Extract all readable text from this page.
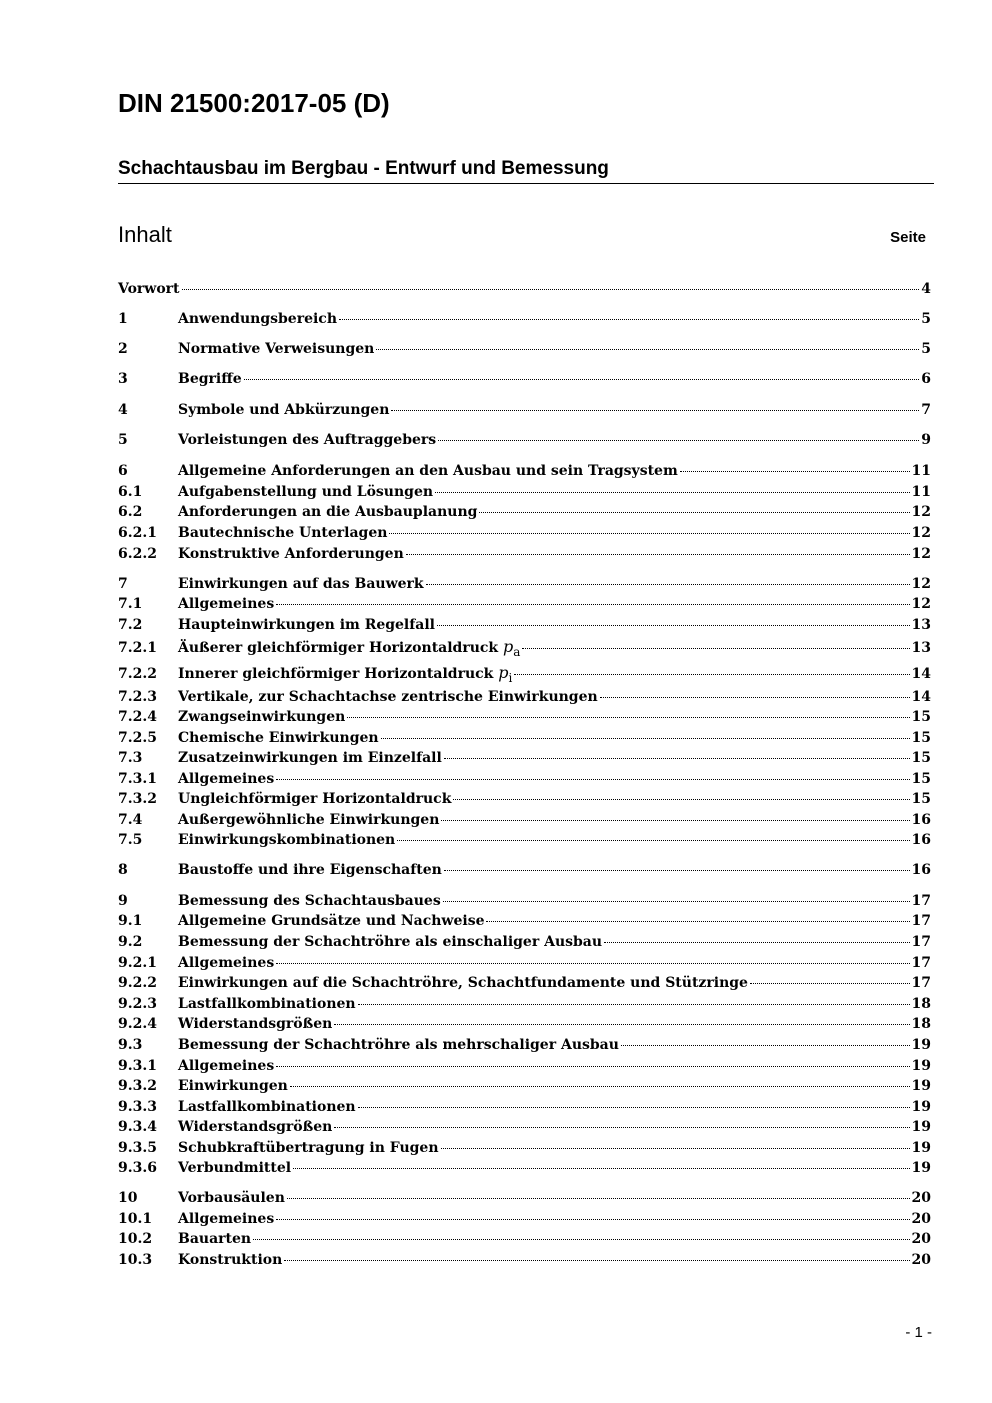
DIN 21500:2017-05 (D)
Schachtausbau im Bergbau - Entwurf und Bemessung
Inhalt	Seite
Vorwort	4
1	Anwendungsbereich	5
2	Normative Verweisungen	5
3	Begriffe	6
4	Symbole und Abkürzungen	7
5	Vorleistungen des Auftraggebers	9
6	Allgemeine Anforderungen an den Ausbau und sein Tragsystem	11
6.1	Aufgabenstellung und Lösungen	11
6.2	Anforderungen an die Ausbauplanung	12
6.2.1	Bautechnische Unterlagen	12
6.2.2	Konstruktive Anforderungen	12
7	Einwirkungen auf das Bauwerk	12
7.1	Allgemeines	12
7.2	Haupteinwirkungen im Regelfall	13
7.2.1	Äußerer gleichförmiger Horizontaldruck $p_a$	13
7.2.2	Innerer gleichförmiger Horizontaldruck $p_i$	14
7.2.3	Vertikale, zur Schachtachse zentrische Einwirkungen	14
7.2.4	Zwangseinwirkungen	15
7.2.5	Chemische Einwirkungen	15
7.3	Zusatzeinwirkungen im Einzelfall	15
7.3.1	Allgemeines	15
7.3.2	Ungleichförmiger Horizontaldruck	15
7.4	Außergewöhnliche Einwirkungen	16
7.5	Einwirkungskombinationen	16
8	Baustoffe und ihre Eigenschaften	16
9	Bemessung des Schachtausbaues	17
9.1	Allgemeine Grundsätze und Nachweise	17
9.2	Bemessung der Schachtröhre als einschaliger Ausbau	17
9.2.1	Allgemeines	17
9.2.2	Einwirkungen auf die Schachtröhre, Schachtfundamente und Stützringe	17
9.2.3	Lastfallkombinationen	18
9.2.4	Widerstandsgrößen	18
9.3	Bemessung der Schachtröhre als mehrschaliger Ausbau	19
9.3.1	Allgemeines	19
9.3.2	Einwirkungen	19
9.3.3	Lastfallkombinationen	19
9.3.4	Widerstandsgrößen	19
9.3.5	Schubkraftübertragung in Fugen	19
9.3.6	Verbundmittel	19
10	Vorbausäulen	20
10.1	Allgemeines	20
10.2	Bauarten	20
10.3	Konstruktion	20
- 1 -
